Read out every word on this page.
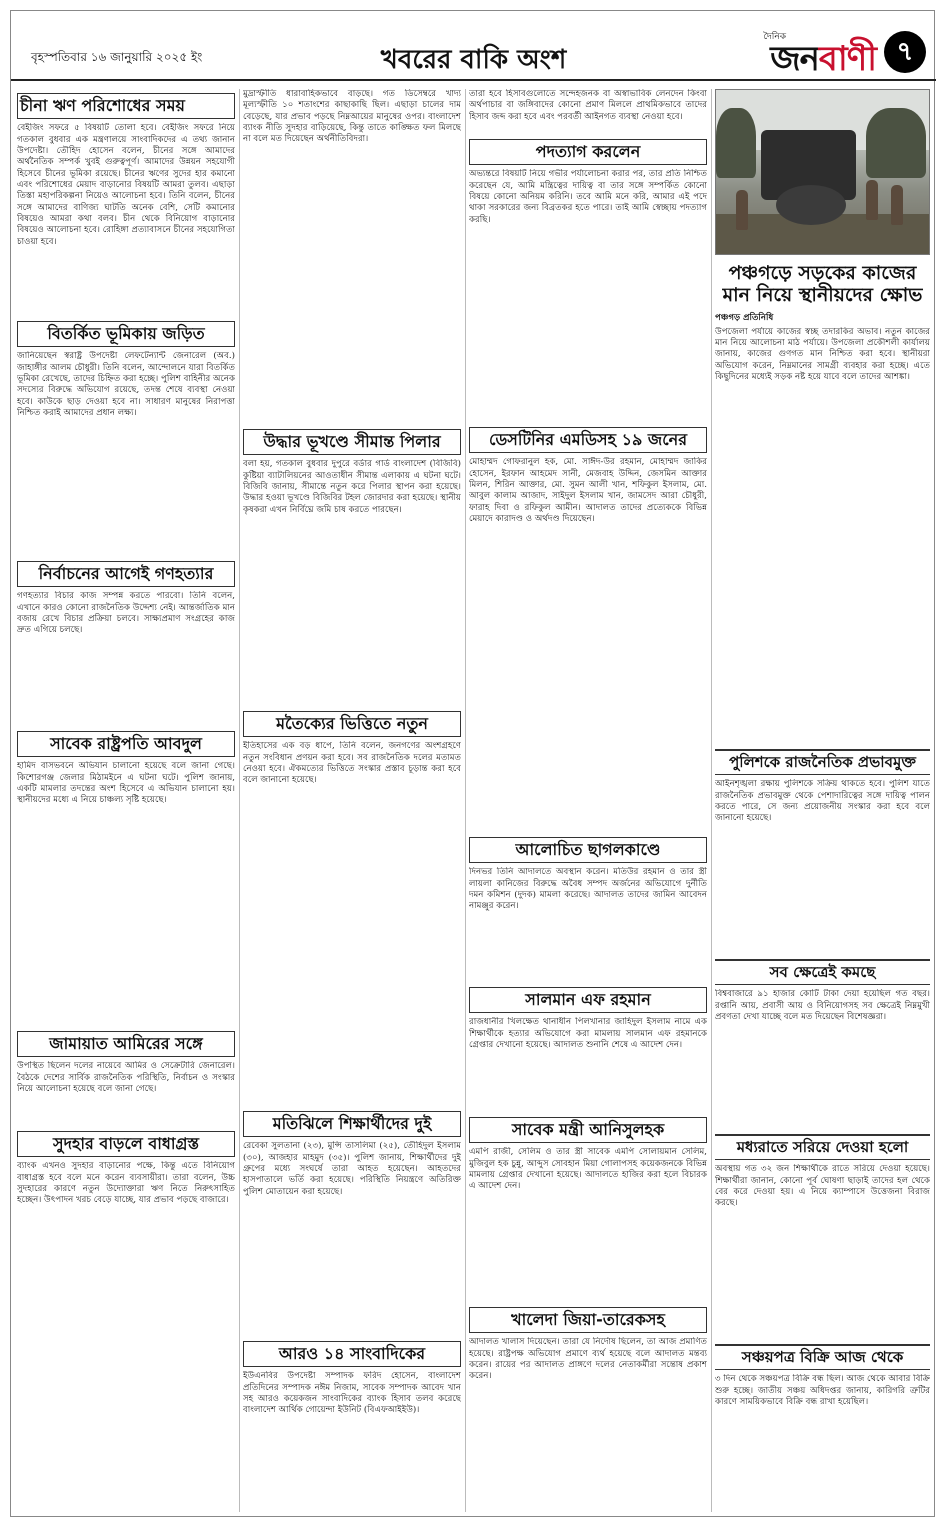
বৃহস্পতিবার ১৬ জানুয়ারি ২০২৫ ইং	খবরের বাকি অংশ
দৈনিক
জনবাণী ৭
চীনা ঋণ পরিশোধের সময়
বেইজিং সফরে ৫ বিষয়টি তোলা হবে। বেইজিং সফরে নিয়ে গতকাল বুধবার এক মন্ত্রণালয়ে সাংবাদিকদের এ তথ্য জানান উপদেষ্টা। তৌহিদ হোসেন বলেন, চীনের সঙ্গে আমাদের অর্থনৈতিক সম্পর্ক খুবই গুরুত্বপূর্ণ। আমাদের উন্নয়ন সহযোগী হিসেবে চীনের ভূমিকা রয়েছে। চীনের ঋণের সুদের হার কমানো এবং পরিশোধের মেয়াদ বাড়ানোর বিষয়টি আমরা তুলব। এছাড়া তিস্তা মহাপরিকল্পনা নিয়েও আলোচনা হবে। তিনি বলেন, চীনের সঙ্গে আমাদের বাণিজ্য ঘাটতি অনেক বেশি, সেটি কমানোর বিষয়েও আমরা কথা বলব। চীন থেকে বিনিয়োগ বাড়ানোর বিষয়েও আলোচনা হবে। রোহিঙ্গা প্রত্যাবাসনে চীনের সহযোগিতা চাওয়া হবে।
বিতর্কিত ভূমিকায় জড়িত
জানিয়েছেন স্বরাষ্ট্র উপদেষ্টা লেফটেন্যান্ট জেনারেল (অব.) জাহাঙ্গীর আলম চৌধুরী। তিনি বলেন, আন্দোলনে যারা বিতর্কিত ভূমিকা রেখেছে, তাদের চিহ্নিত করা হচ্ছে। পুলিশ বাহিনীর অনেক সদস্যের বিরুদ্ধে অভিযোগ রয়েছে, তদন্ত শেষে ব্যবস্থা নেওয়া হবে। কাউকে ছাড় দেওয়া হবে না। সাধারণ মানুষের নিরাপত্তা নিশ্চিত করাই আমাদের প্রধান লক্ষ্য।
নির্বাচনের আগেই গণহত্যার
গণহত্যার বিচার কাজ সম্পন্ন করতে পারবো। তিনি বলেন, এখানে কারও কোনো রাজনৈতিক উদ্দেশ্য নেই। আন্তর্জাতিক মান বজায় রেখে বিচার প্রক্রিয়া চলবে। সাক্ষ্যপ্রমাণ সংগ্রহের কাজ দ্রুত এগিয়ে চলছে।
সাবেক রাষ্ট্রপতি আবদুল
হামিদ বাসভবনে অভিযান চালানো হয়েছে বলে জানা গেছে। কিশোরগঞ্জ জেলার মিঠামইনে এ ঘটনা ঘটে। পুলিশ জানায়, একটি মামলার তদন্তের অংশ হিসেবে এ অভিযান চালানো হয়। স্থানীয়দের মধ্যে এ নিয়ে চাঞ্চল্য সৃষ্টি হয়েছে।
জামায়াত আমিরের সঙ্গে
উপস্থিত ছিলেন দলের নায়েবে আমির ও সেক্রেটারি জেনারেল। বৈঠকে দেশের সার্বিক রাজনৈতিক পরিস্থিতি, নির্বাচন ও সংস্কার নিয়ে আলোচনা হয়েছে বলে জানা গেছে।
সুদহার বাড়লে বাধাগ্রস্ত
ব্যাংক এখনও সুদহার বাড়ানোর পক্ষে, কিন্তু এতে বিনিয়োগ বাধাগ্রস্ত হবে বলে মনে করেন ব্যবসায়ীরা। তারা বলেন, উচ্চ সুদহারের কারণে নতুন উদ্যোক্তারা ঋণ নিতে নিরুৎসাহিত হচ্ছেন। উৎপাদন খরচ বেড়ে যাচ্ছে, যার প্রভাব পড়ছে বাজারে।
মুদ্রাস্ফীতি ধারাবাহিকভাবে বাড়ছে। গত ডিসেম্বরে খাদ্য মূল্যস্ফীতি ১০ শতাংশের কাছাকাছি ছিল। এছাড়া চালের দাম বেড়েছে, যার প্রভাব পড়ছে নিম্নআয়ের মানুষের ওপর। বাংলাদেশ ব্যাংক নীতি সুদহার বাড়িয়েছে, কিন্তু তাতে কাঙ্ক্ষিত ফল মিলছে না বলে মত দিয়েছেন অর্থনীতিবিদরা।
উদ্ধার ভূখণ্ডে সীমান্ত পিলার
বলা হয়, গতকাল বুধবার দুপুরে বর্ডার গার্ড বাংলাদেশ (বিজিবি) কুষ্টিয়া ব্যাটালিয়নের আওতাধীন সীমান্ত এলাকায় এ ঘটনা ঘটে। বিজিবি জানায়, সীমান্তে নতুন করে পিলার স্থাপন করা হয়েছে। উদ্ধার হওয়া ভূখণ্ডে বিজিবির টহল জোরদার করা হয়েছে। স্থানীয় কৃষকরা এখন নির্বিঘ্নে জমি চাষ করতে পারছেন।
মতৈক্যের ভিত্তিতে নতুন
ইতিহাসের এক বড় ধাপে, তিনি বলেন, জনগণের অংশগ্রহণে নতুন সংবিধান প্রণয়ন করা হবে। সব রাজনৈতিক দলের মতামত নেওয়া হবে। ঐকমত্যের ভিত্তিতে সংস্কার প্রস্তাব চূড়ান্ত করা হবে বলে জানানো হয়েছে।
মতিঝিলে শিক্ষার্থীদের দুই
রেবেকা সুলতানা (২৩), মুন্সি তাসলিমা (২৫), তৌহিদুল ইসলাম (৩০), আজহার মাহমুদ (৩৫)। পুলিশ জানায়, শিক্ষার্থীদের দুই গ্রুপের মধ্যে সংঘর্ষে তারা আহত হয়েছেন। আহতদের হাসপাতালে ভর্তি করা হয়েছে। পরিস্থিতি নিয়ন্ত্রণে অতিরিক্ত পুলিশ মোতায়েন করা হয়েছে।
আরও ১৪ সাংবাদিকের
ইউএনবির উপদেষ্টা সম্পাদক ফরিদ হোসেন, বাংলাদেশ প্রতিদিনের সম্পাদক নঈম নিজাম, সাবেক সম্পাদক আবেদ খান সহ আরও কয়েকজন সাংবাদিকের ব্যাংক হিসাব তলব করেছে বাংলাদেশ আর্থিক গোয়েন্দা ইউনিট (বিএফআইইউ)।
তারা হবে হিসাবগুলোতে সন্দেহজনক বা অস্বাভাবিক লেনদেন কিংবা অর্থপাচার বা জঙ্গিবাদের কোনো প্রমাণ মিললে প্রাথমিকভাবে তাদের হিসাব জব্দ করা হবে এবং পরবর্তী আইনগত ব্যবস্থা নেওয়া হবে।
পদত্যাগ করলেন
অভ্যন্তরে বিষয়টি নিয়ে গভীর পর্যালোচনা করার পর, তার প্রতি নিশ্চিত করেছেন যে, আমি মন্ত্রিত্বের দায়িত্ব বা তার সঙ্গে সম্পর্কিত কোনো বিষয়ে কোনো অনিয়ম করিনি। তবে আমি মনে করি, আমার এই পদে থাকা সরকারের জন্য বিব্রতকর হতে পারে। তাই আমি স্বেচ্ছায় পদত্যাগ করছি।
ডেসটিনির এমডিসহ ১৯ জনের
মোহাম্মদ গোফরানুল হক, মো. সাঈদ-উর রহমান, মোহাম্মদ জাকির হোসেন, ইরফান আহমেদ সানী, মেজবাহ উদ্দিন, জেসমিন আক্তার মিলন, শিরিন আক্তার, মো. সুমন আলী খান, শফিকুল ইসলাম, মো. আবুল কালাম আজাদ, সাইদুল ইসলাম খান, জামসেদ আরা চৌধুরী, ফারাহ দিবা ও রফিকুল আমীন। আদালত তাদের প্রত্যেককে বিভিন্ন মেয়াদে কারাদণ্ড ও অর্থদণ্ড দিয়েছেন।
আলোচিত ছাগলকাণ্ডে
দিনভর তিনি আদালতে অবস্থান করেন। মতিউর রহমান ও তার স্ত্রী লায়লা কানিজের বিরুদ্ধে অবৈধ সম্পদ অর্জনের অভিযোগে দুর্নীতি দমন কমিশন (দুদক) মামলা করেছে। আদালত তাদের জামিন আবেদন নামঞ্জুর করেন।
সালমান এফ রহমান
রাজধানীর খিলক্ষেত থানাধীন পিলখানার জাহিদুল ইসলাম নামে এক শিক্ষার্থীকে হত্যার অভিযোগে করা মামলায় সালমান এফ রহমানকে গ্রেপ্তার দেখানো হয়েছে। আদালত শুনানি শেষে এ আদেশ দেন।
সাবেক মন্ত্রী আনিসুলহক
এমপি রাজী, সেলিম ও তার স্ত্রী সাবেক এমপি সোলায়মান সেলিম, মুজিবুল হক চুন্নু, আব্দুস সোবহান মিয়া গোলাপসহ কয়েকজনকে বিভিন্ন মামলায় গ্রেপ্তার দেখানো হয়েছে। আদালতে হাজির করা হলে বিচারক এ আদেশ দেন।
খালেদা জিয়া-তারেকসহ
আদালত খালাস দিয়েছেন। তারা যে নির্দোষ ছিলেন, তা আজ প্রমাণিত হয়েছে। রাষ্ট্রপক্ষ অভিযোগ প্রমাণে ব্যর্থ হয়েছে বলে আদালত মন্তব্য করেন। রায়ের পর আদালত প্রাঙ্গণে দলের নেতাকর্মীরা সন্তোষ প্রকাশ করেন।
পঞ্চগড়ে সড়কের কাজের মান নিয়ে স্থানীয়দের ক্ষোভ
পঞ্চগড় প্রতিনিধি
উপজেলা পর্যায়ে কাজের স্বচ্ছ তদারকির অভাব। নতুন কাজের মান নিয়ে আলোচনা মাঠ পর্যায়ে। উপজেলা প্রকৌশলী কার্যালয় জানায়, কাজের গুণগত মান নিশ্চিত করা হবে। স্থানীয়রা অভিযোগ করেন, নিম্নমানের সামগ্রী ব্যবহার করা হচ্ছে। এতে কিছুদিনের মধ্যেই সড়ক নষ্ট হয়ে যাবে বলে তাদের আশঙ্কা।
পুলিশকে রাজনৈতিক প্রভাবমুক্ত
আইনশৃঙ্খলা রক্ষায় পুলিশকে সক্রিয় থাকতে হবে। পুলিশ যাতে রাজনৈতিক প্রভাবমুক্ত থেকে পেশাদারিত্বের সঙ্গে দায়িত্ব পালন করতে পারে, সে জন্য প্রয়োজনীয় সংস্কার করা হবে বলে জানানো হয়েছে।
সব ক্ষেত্রেই কমছে
বিশ্ববাজারে ৯১ হাজার কোটি টাকা দেয়া হয়েছিল গত বছর। রপ্তানি আয়, প্রবাসী আয় ও বিনিয়োগসহ সব ক্ষেত্রেই নিম্নমুখী প্রবণতা দেখা যাচ্ছে বলে মত দিয়েছেন বিশেষজ্ঞরা।
মধ্যরাতে সরিয়ে দেওয়া হলো
অবস্থায় গত ৩২ জন শিক্ষার্থীকে রাতে সরিয়ে দেওয়া হয়েছে। শিক্ষার্থীরা জানান, কোনো পূর্ব ঘোষণা ছাড়াই তাদের হল থেকে বের করে দেওয়া হয়। এ নিয়ে ক্যাম্পাসে উত্তেজনা বিরাজ করছে।
সঞ্চয়পত্র বিক্রি আজ থেকে
৩ দিন থেকে সঞ্চয়পত্র বিক্রি বন্ধ ছিল। আজ থেকে আবার বিক্রি শুরু হচ্ছে। জাতীয় সঞ্চয় অধিদপ্তর জানায়, কারিগরি ত্রুটির কারণে সাময়িকভাবে বিক্রি বন্ধ রাখা হয়েছিল।
